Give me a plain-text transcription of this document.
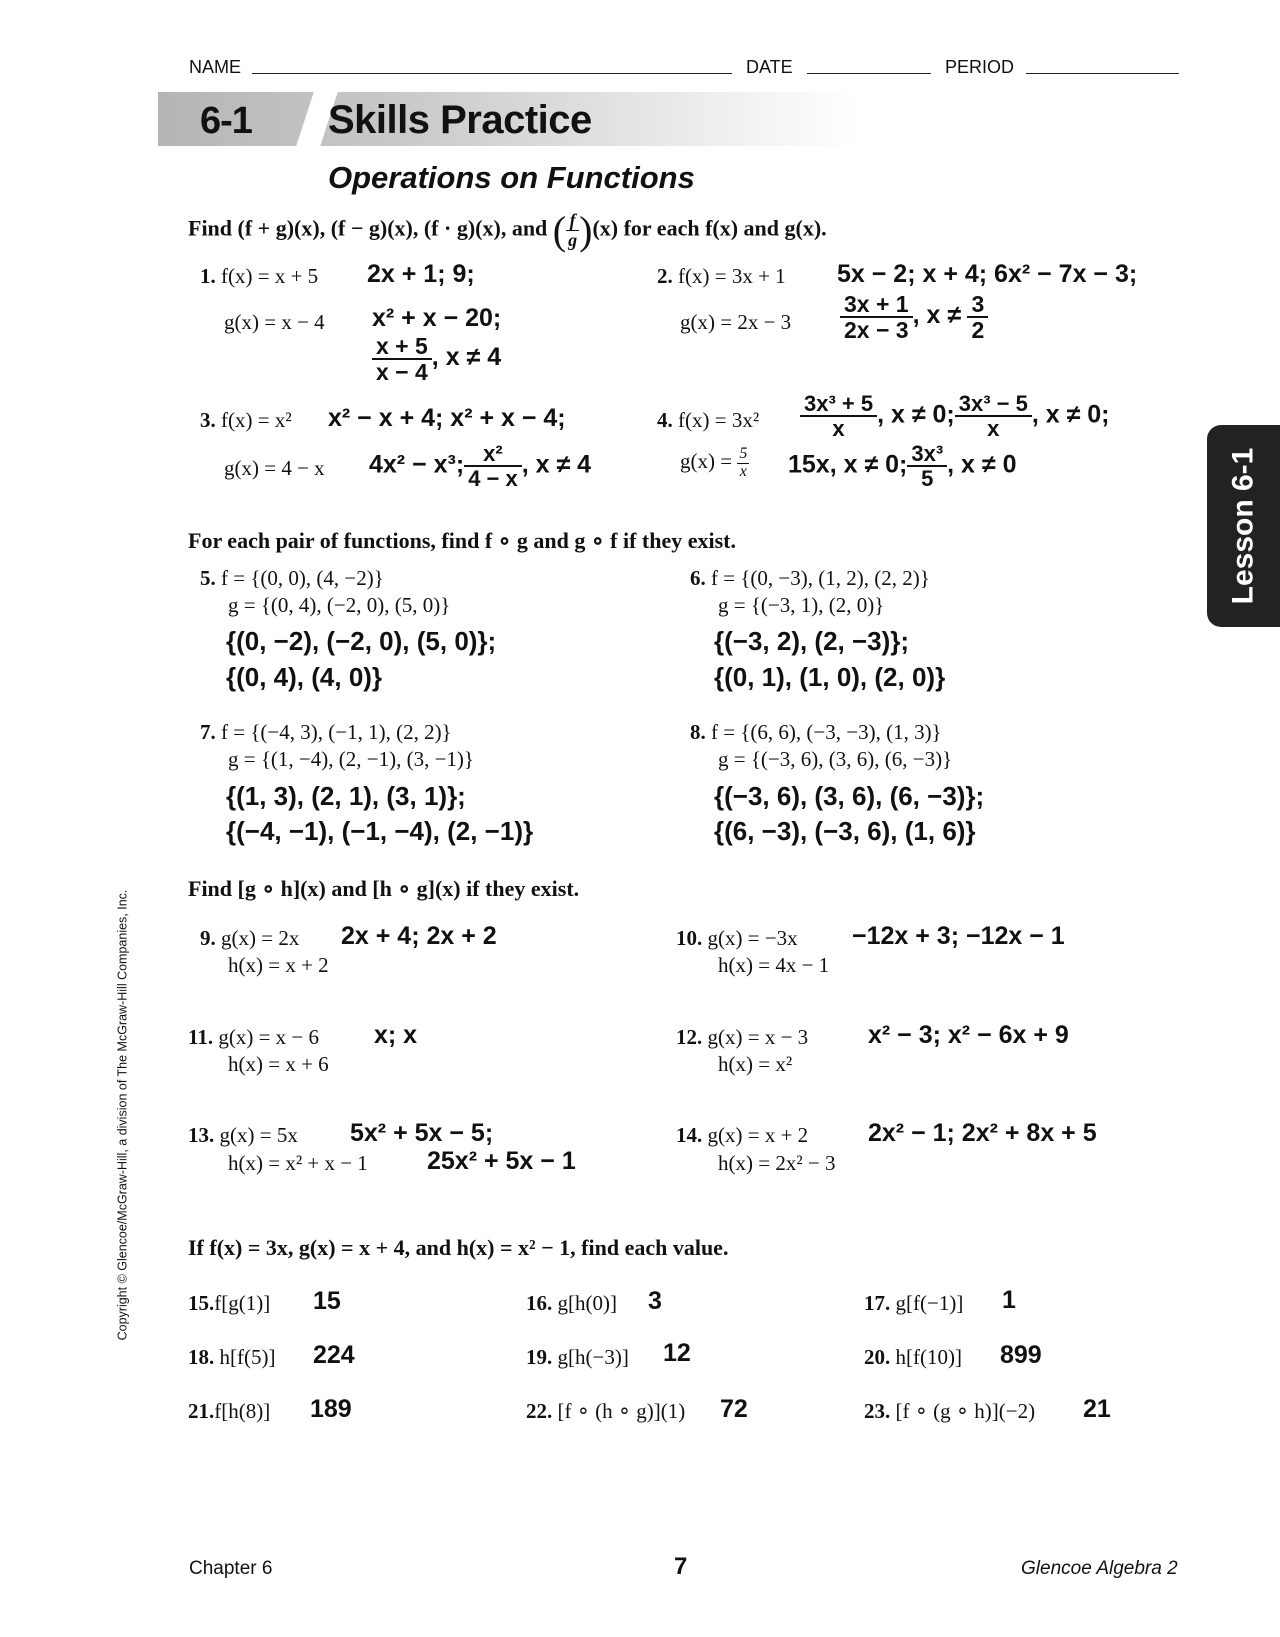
NAME	DATE	PERIOD
6-1 Skills Practice
Operations on Functions
Lesson 6-1
Copyright © Glencoe/McGraw-Hill, a division of The McGraw-Hill Companies, Inc.
Find (f + g)(x), (f − g)(x), (f · g)(x), and ( $\frac{f}{g} )(x)$ for each f(x) and g(x).
1. f(x) = x + 5 2x + 1; 9;
g(x) = x − 4 x² + x − 20;
$\frac{x + 5}{x - 4}$ , x ≠ 4
2. f(x) = 3x + 1 5x − 2; x + 4; 6x² − 7x − 3;
$g(x) = 2x - 3 \frac{3x + 1}{2x - 3}$ , $x \ne \frac{3}{2}$
3. f(x) = x² x² − x + 4; x² + x − 4;
g(x) = 4 − x 4x² − x³; $\frac{\text{x²}}{4 - x}$ , x ≠ 4
4. $f(x) = 3x^2 \frac{\text{3x³ + 5}}{x}$ , x ≠ 0; $\frac{\text{3x³ − 5}}{x}$ , x ≠ 0;
$g(x) = \frac{5}{x} 15x$, x ≠ 0; $\frac{\text{3x³}}{5}$ , x ≠ 0
For each pair of functions, find f ∘ g and g ∘ f if they exist.
5. f = {(0, 0), (4, −2)}
g = {(0, 4), (−2, 0), (5, 0)}
{(0, −2), (−2, 0), (5, 0)};
{(0, 4), (4, 0)}
6. f = {(0, −3), (1, 2), (2, 2)}
g = {(−3, 1), (2, 0)}
{(−3, 2), (2, −3)};
{(0, 1), (1, 0), (2, 0)}
7. f = {(−4, 3), (−1, 1), (2, 2)}
g = {(1, −4), (2, −1), (3, −1)}
{(1, 3), (2, 1), (3, 1)};
{(−4, −1), (−1, −4), (2, −1)}
8. f = {(6, 6), (−3, −3), (1, 3)}
g = {(−3, 6), (3, 6), (6, −3)}
{(−3, 6), (3, 6), (6, −3)};
{(6, −3), (−3, 6), (1, 6)}
Find [g ∘ h](x) and [h ∘ g](x) if they exist.
9. g(x) = 2x
h(x) = x + 2
2x + 4; 2x + 2	10. g(x) = −3x
h(x) = 4x − 1
−12x + 3; −12x − 1
11. g(x) = x − 6
h(x) = x + 6
x; x	12. g(x) = x − 3
h(x) = x²
x² − 3; x² − 6x + 9
13. g(x) = 5x
h(x) = x² + x − 1
5x² + 5x − 5;
25x² + 5x − 1
14. g(x) = x + 2
h(x) = 2x² − 3
2x² − 1; 2x² + 8x + 5
If f(x) = 3x, g(x) = x + 4, and h(x) = x² − 1, find each value.
15.f[g(1)] 15	16. g[h(0)] 3	17. g[f(−1)] 1
18. h[f(5)] 224	19. g[h(−3)] 12	20. h[f(10)] 899
21.f[h(8)] 189	22. [f ∘ (h ∘ g)](1) 72	23. [f ∘ (g ∘ h)](−2) 21
Chapter 6	7	Glencoe Algebra 2
